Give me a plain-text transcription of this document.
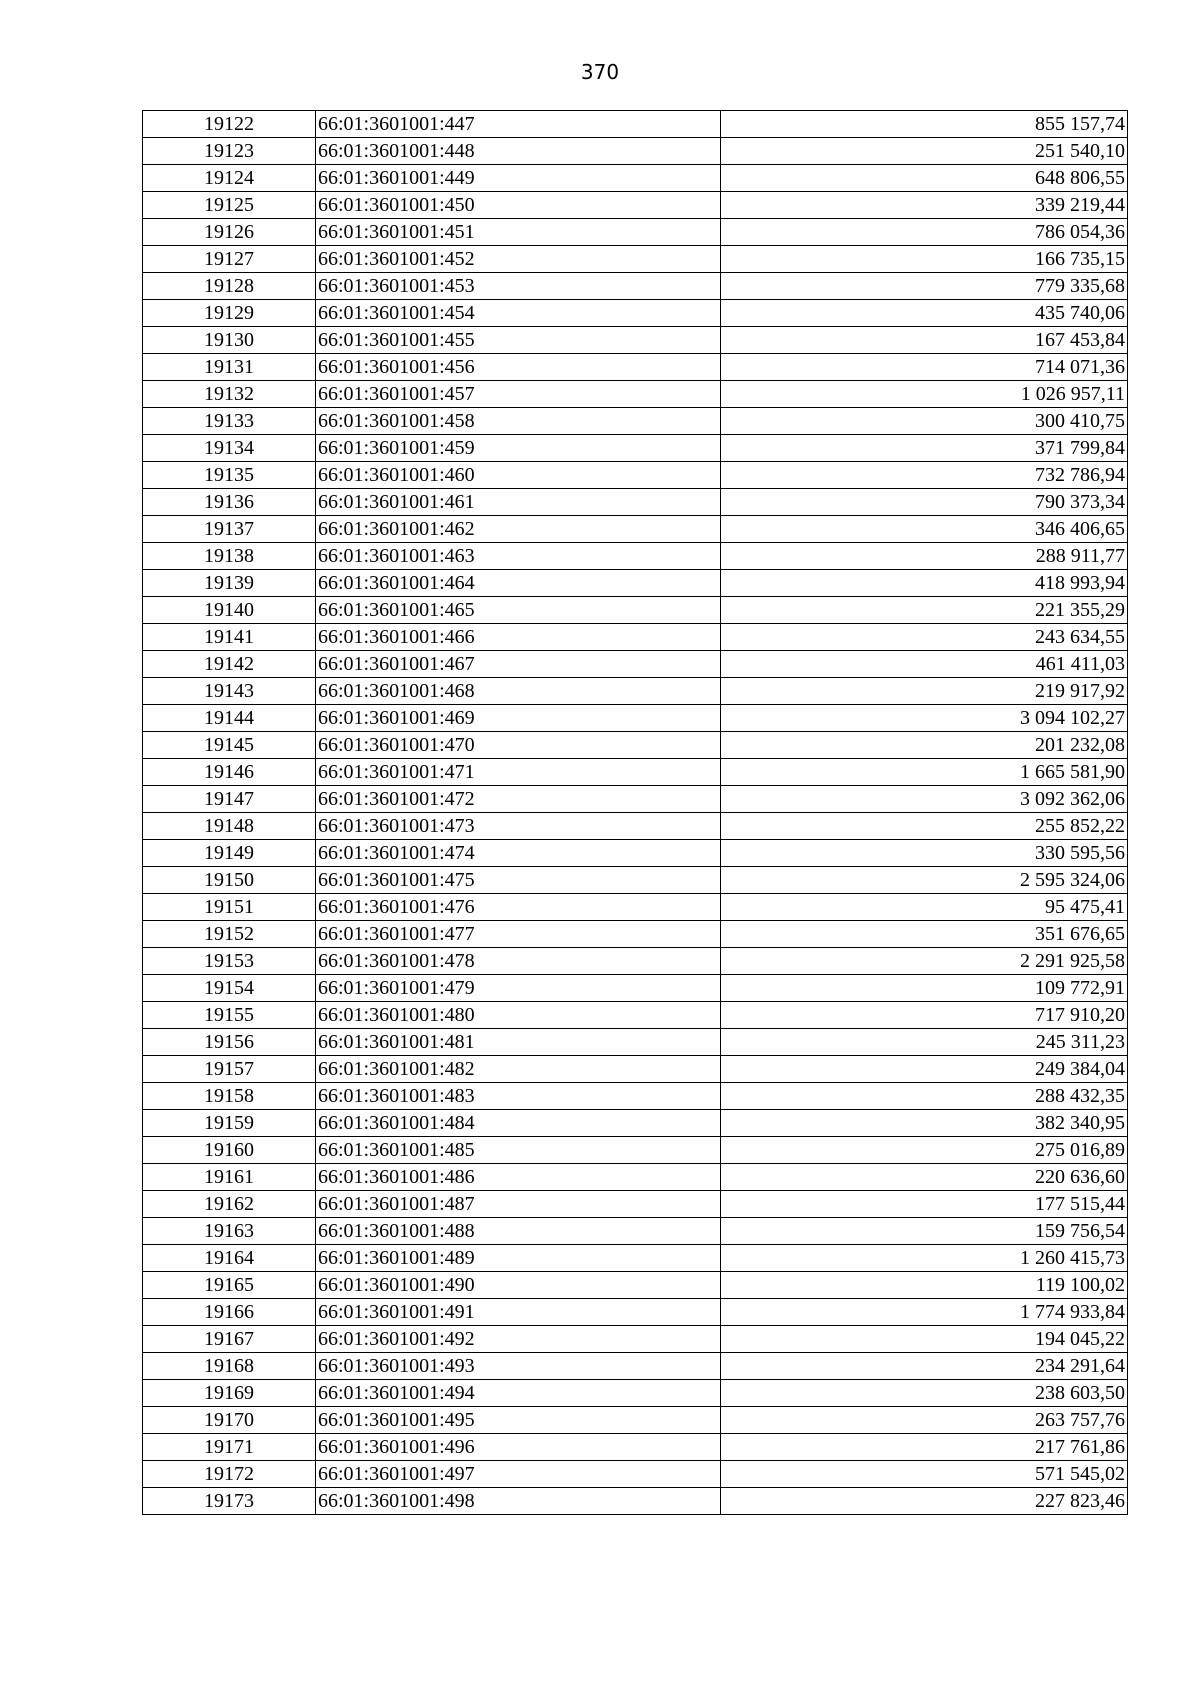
370
19122	66:01:3601001:447	855 157,74
19123	66:01:3601001:448	251 540,10
19124	66:01:3601001:449	648 806,55
19125	66:01:3601001:450	339 219,44
19126	66:01:3601001:451	786 054,36
19127	66:01:3601001:452	166 735,15
19128	66:01:3601001:453	779 335,68
19129	66:01:3601001:454	435 740,06
19130	66:01:3601001:455	167 453,84
19131	66:01:3601001:456	714 071,36
19132	66:01:3601001:457	1 026 957,11
19133	66:01:3601001:458	300 410,75
19134	66:01:3601001:459	371 799,84
19135	66:01:3601001:460	732 786,94
19136	66:01:3601001:461	790 373,34
19137	66:01:3601001:462	346 406,65
19138	66:01:3601001:463	288 911,77
19139	66:01:3601001:464	418 993,94
19140	66:01:3601001:465	221 355,29
19141	66:01:3601001:466	243 634,55
19142	66:01:3601001:467	461 411,03
19143	66:01:3601001:468	219 917,92
19144	66:01:3601001:469	3 094 102,27
19145	66:01:3601001:470	201 232,08
19146	66:01:3601001:471	1 665 581,90
19147	66:01:3601001:472	3 092 362,06
19148	66:01:3601001:473	255 852,22
19149	66:01:3601001:474	330 595,56
19150	66:01:3601001:475	2 595 324,06
19151	66:01:3601001:476	95 475,41
19152	66:01:3601001:477	351 676,65
19153	66:01:3601001:478	2 291 925,58
19154	66:01:3601001:479	109 772,91
19155	66:01:3601001:480	717 910,20
19156	66:01:3601001:481	245 311,23
19157	66:01:3601001:482	249 384,04
19158	66:01:3601001:483	288 432,35
19159	66:01:3601001:484	382 340,95
19160	66:01:3601001:485	275 016,89
19161	66:01:3601001:486	220 636,60
19162	66:01:3601001:487	177 515,44
19163	66:01:3601001:488	159 756,54
19164	66:01:3601001:489	1 260 415,73
19165	66:01:3601001:490	119 100,02
19166	66:01:3601001:491	1 774 933,84
19167	66:01:3601001:492	194 045,22
19168	66:01:3601001:493	234 291,64
19169	66:01:3601001:494	238 603,50
19170	66:01:3601001:495	263 757,76
19171	66:01:3601001:496	217 761,86
19172	66:01:3601001:497	571 545,02
19173	66:01:3601001:498	227 823,46
